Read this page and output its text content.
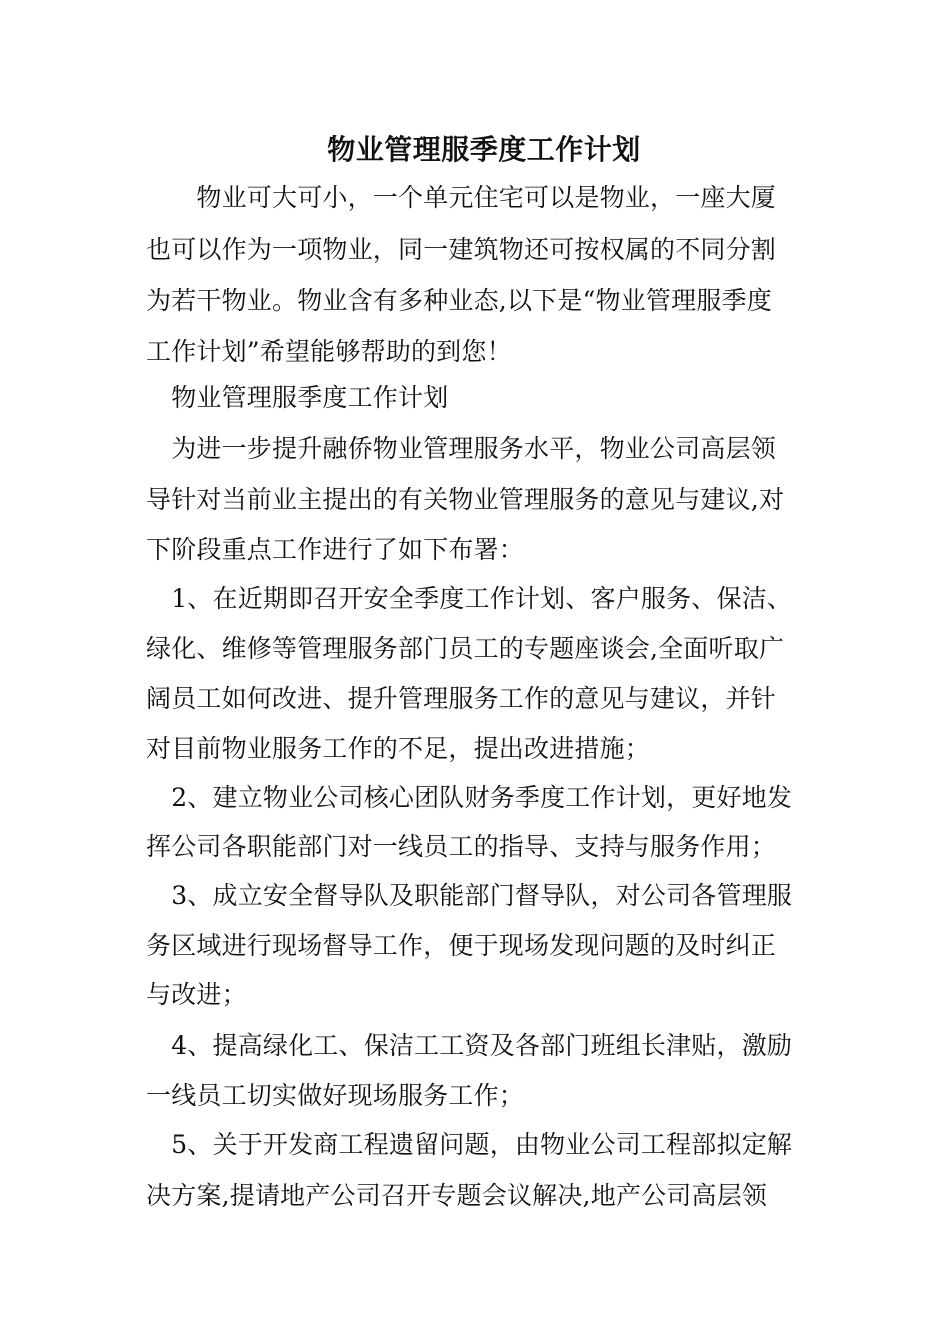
物业管理服季度工作计划
　　物业可大可小，一个单元住宅可以是物业，一座大厦
也可以作为一项物业，同一建筑物还可按权属的不同分割
为若干物业。物业含有多种业态,以下是“物业管理服季度
工作计划”希望能够帮助的到您！
　物业管理服季度工作计划
　为进一步提升融侨物业管理服务水平，物业公司高层领
导针对当前业主提出的有关物业管理服务的意见与建议,对
下阶段重点工作进行了如下布署：
　1、在近期即召开安全季度工作计划、客户服务、保洁、
绿化、维修等管理服务部门员工的专题座谈会,全面听取广
阔员工如何改进、提升管理服务工作的意见与建议，并针
对目前物业服务工作的不足，提出改进措施；
　2、建立物业公司核心团队财务季度工作计划，更好地发
挥公司各职能部门对一线员工的指导、支持与服务作用；
　3、成立安全督导队及职能部门督导队，对公司各管理服
务区域进行现场督导工作，便于现场发现问题的及时纠正
与改进；
　4、提高绿化工、保洁工工资及各部门班组长津贴，激励
一线员工切实做好现场服务工作；
　5、关于开发商工程遗留问题，由物业公司工程部拟定解
决方案,提请地产公司召开专题会议解决,地产公司高层领
